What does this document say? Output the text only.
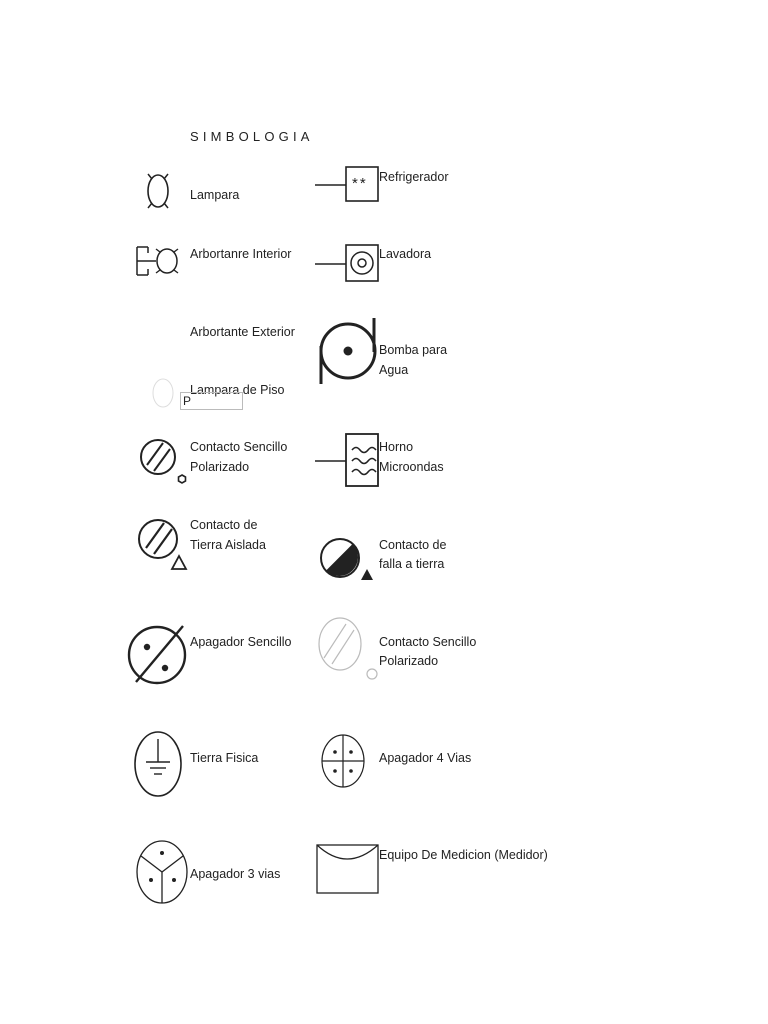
SIMBOLOGIA
Lampara
Arbortanre Interior
Arbortante Exterior
Lampara de Piso
P
Contacto Sencillo
Polarizado
Contacto de
Tierra Aislada
Apagador Sencillo
Tierra Fisica
Apagador 3 vias
** Refrigerador
Lavadora
Bomba para
Agua
Horno
Microondas
Contacto de
falla a tierra
Contacto Sencillo
Polarizado
Apagador 4 Vias
Equipo De Medicion (Medidor)
